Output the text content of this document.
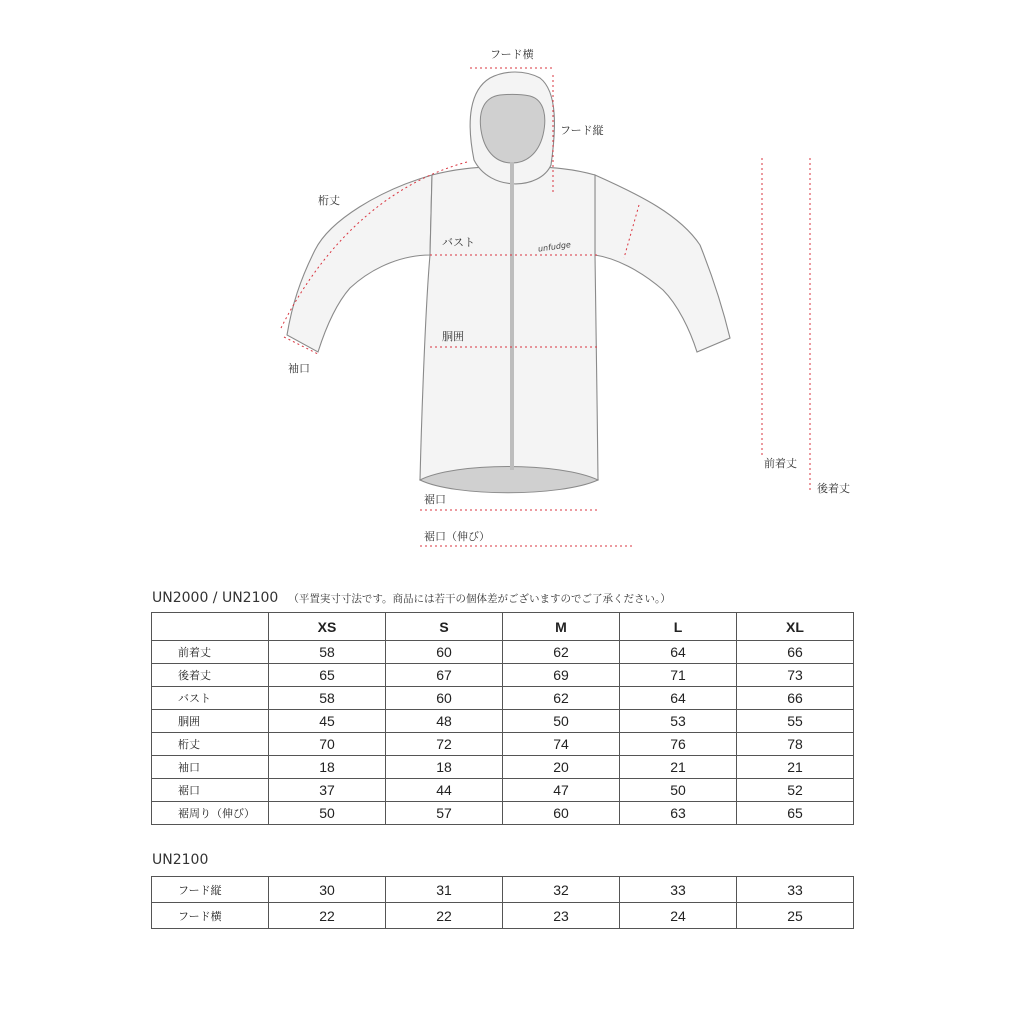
unfudge
フード横
フード縦
桁丈
バスト
胴囲
袖口
前着丈
後着丈
裾口
裾口（伸び）
UN2000 / UN2100 （平置実寸寸法です。商品には若干の個体差がございますのでご了承ください。）
	XS	S	M	L	XL
前着丈	58	60	62	64	66
後着丈	65	67	69	71	73
バスト	58	60	62	64	66
胴囲	45	48	50	53	55
桁丈	70	72	74	76	78
袖口	18	18	20	21	21
裾口	37	44	47	50	52
裾周り（伸び）	50	57	60	63	65
UN2100
フード縦	30	31	32	33	33
フード横	22	22	23	24	25
